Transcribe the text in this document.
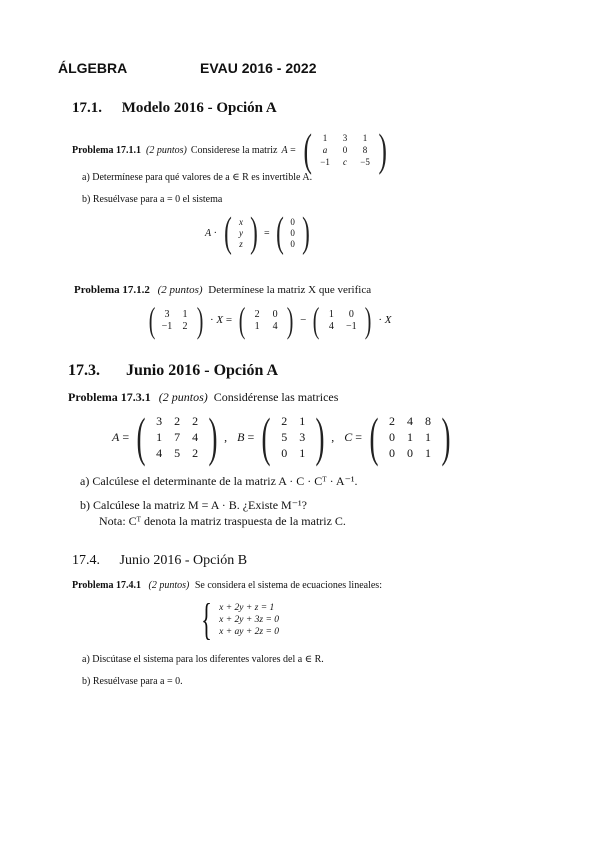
ÁLGEBRA	EVAU 2016 - 2022
17.1. Modelo 2016 - Opción A
Problema 17.1.1 (2 puntos) Considerese la matriz A = (	1	3	1
a	0	8
−1	c	−5 )
a) Determínese para qué valores de a ∈ R es invertible A.
b) Resuélvase para a = 0 el sistema
A · ( x
y
z ) = ( 0
0
0 )
Problema 17.1.2 (2 puntos) Determínese la matriz X que verifica
( 3	1
−1	2 ) · X = ( 2	0
1	4 ) − ( 1	0
4	−1 ) · X
17.3. Junio 2016 - Opción A
Problema 17.3.1 (2 puntos) Considérense las matrices
A = ( 3	2	2
1	7	4
4	5	2 ) , B = ( 2	1
5	3
0	1 ) , C = ( 2	4	8
0	1	1
0	0	1 )
a) Calcúlese el determinante de la matriz A · C · Cᵀ · A⁻¹.
b) Calcúlese la matriz M = A · B. ¿Existe M⁻¹?
Nota: Cᵀ denota la matriz traspuesta de la matriz C.
17.4. Junio 2016 - Opción B
Problema 17.4.1 (2 puntos) Se considera el sistema de ecuaciones lineales:
{ x + 2y + z = 1
x + 2y + 3z = 0
x + ay + 2z = 0
a) Discútase el sistema para los diferentes valores del a ∈ R.
b) Resuélvase para a = 0.
